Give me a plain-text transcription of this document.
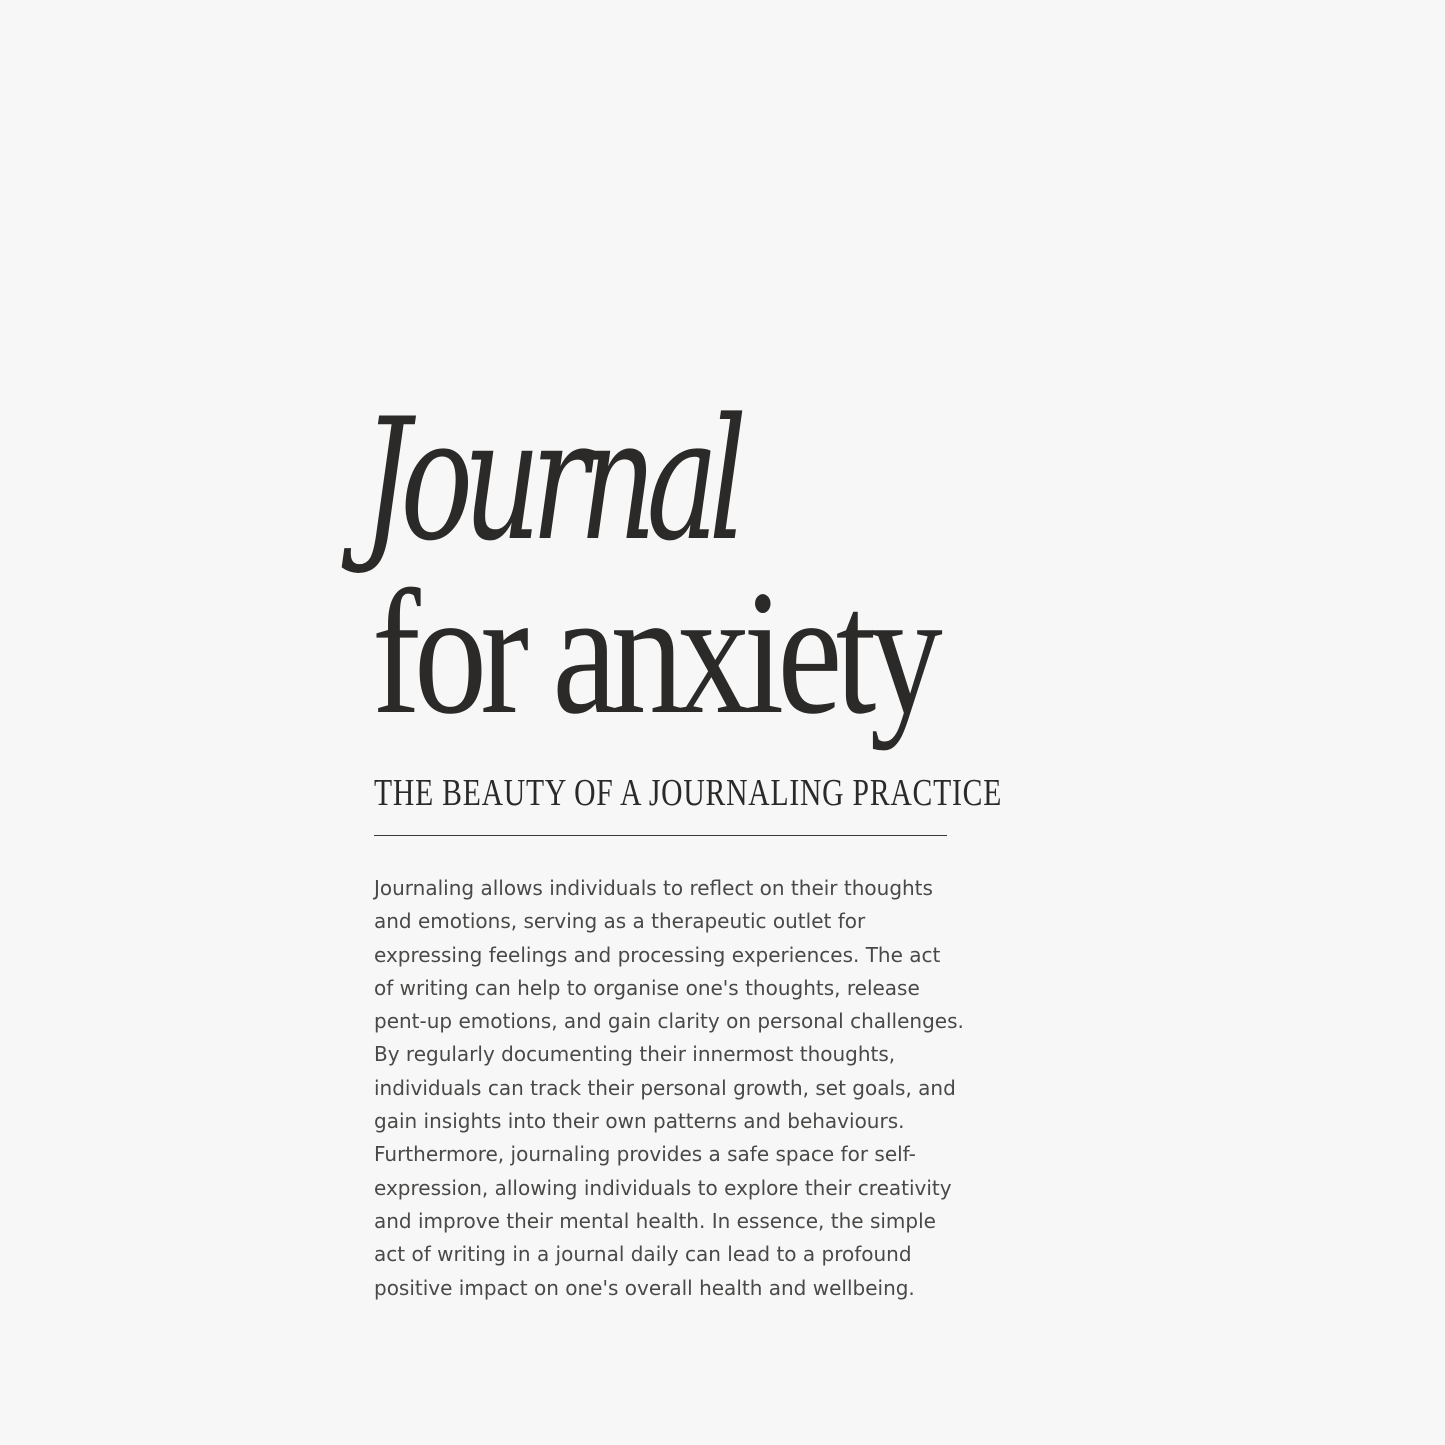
Journal
for anxiety
THE BEAUTY OF A JOURNALING PRACTICE

Journaling allows individuals to reflect on their thoughts and emotions, serving as a therapeutic outlet for expressing feelings and processing experiences. The act of writing can help to organise one's thoughts, release pent-up emotions, and gain clarity on personal challenges. By regularly documenting their innermost thoughts, individuals can track their personal growth, set goals, and gain insights into their own patterns and behaviours. Furthermore, journaling provides a safe space for self-expression, allowing individuals to explore their creativity and improve their mental health. In essence, the simple act of writing in a journal daily can lead to a profound positive impact on one's overall health and wellbeing.
